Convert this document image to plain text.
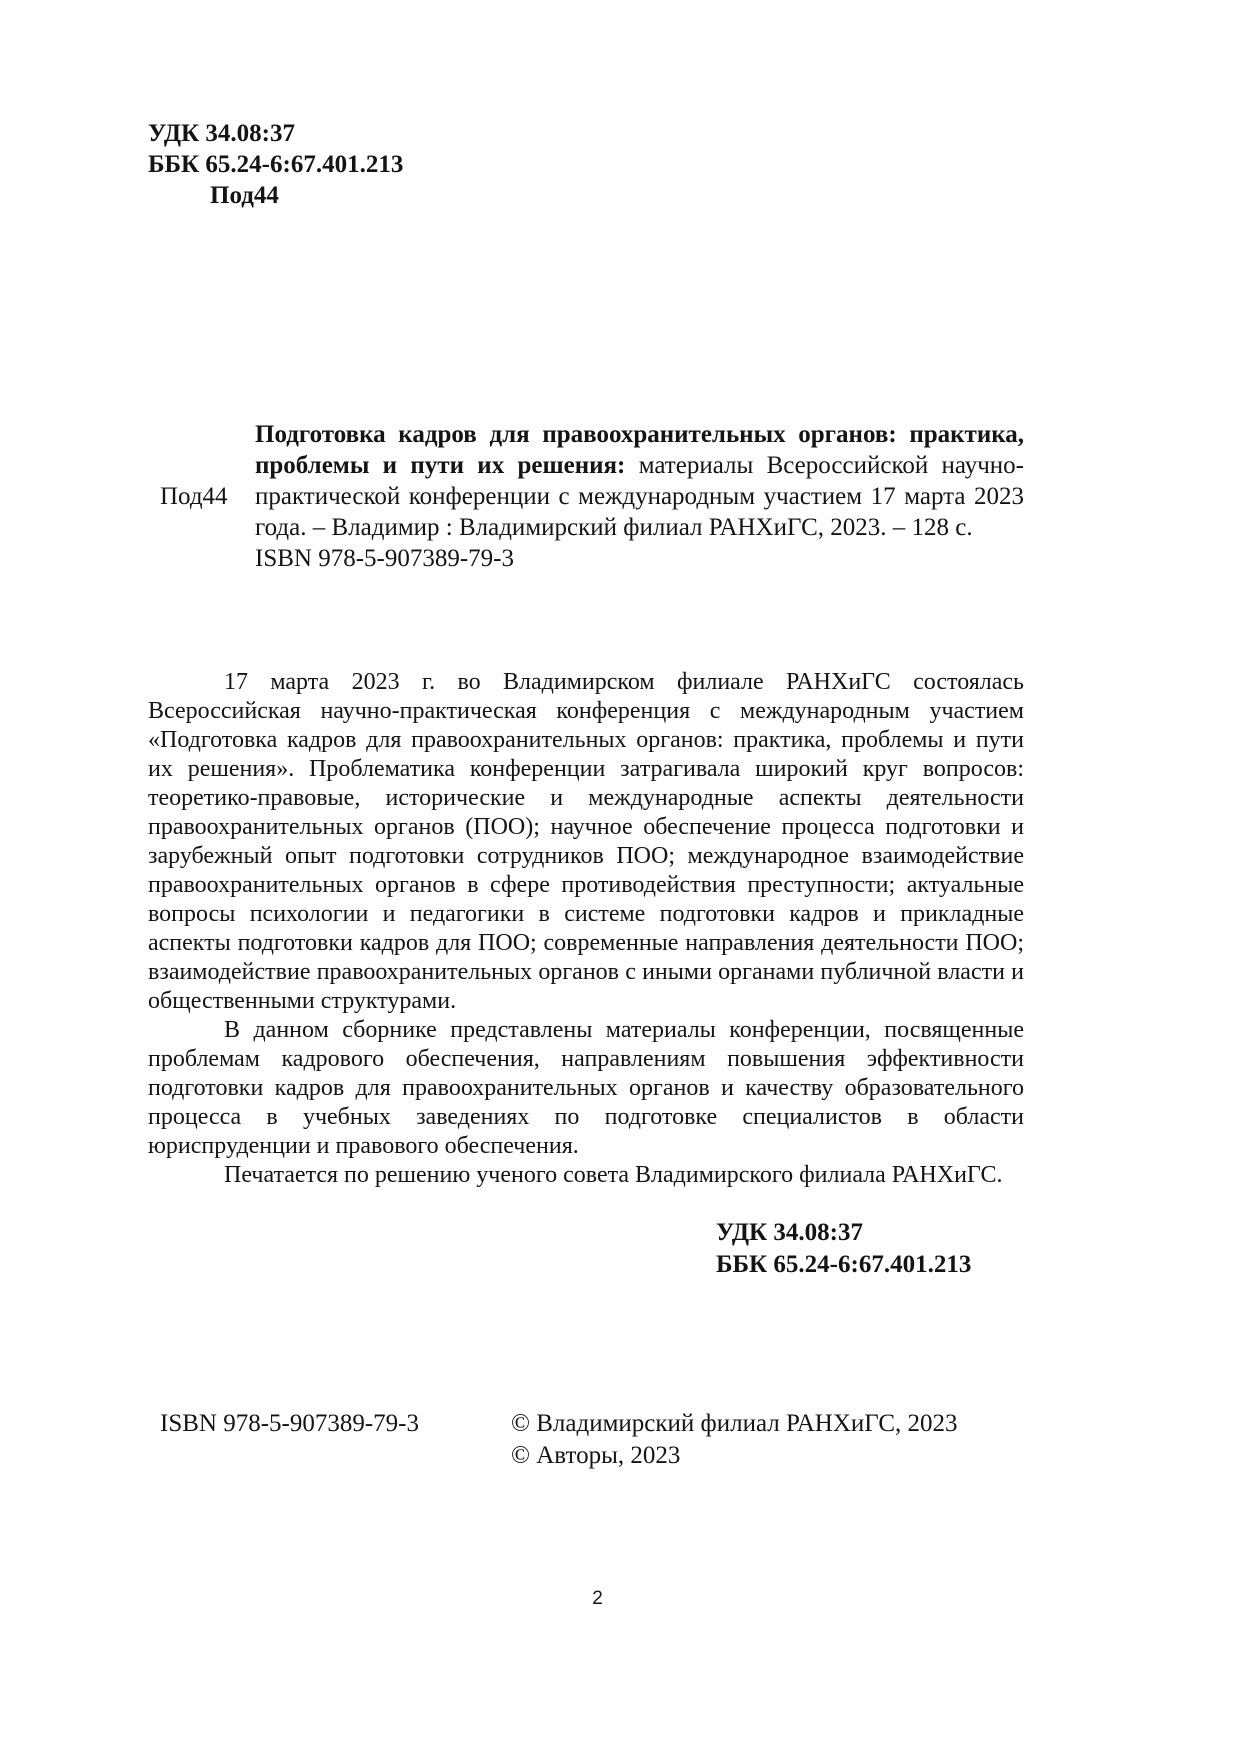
УДК 34.08:37
ББК 65.24-6:67.401.213
Под44
Под44
Подготовка кадров для правоохранительных органов: практика, проблемы и пути их решения: материалы Всероссийской научно-практической конференции с международным участием 17 марта 2023 года. – Владимир : Владимирский филиал РАНХиГС, 2023. – 128 с.
ISBN 978-5-907389-79-3

17 марта 2023 г. во Владимирском филиале РАНХиГС состоялась Всероссийская научно-практическая конференция с международным участием «Подготовка кадров для правоохранительных органов: практика, проблемы и пути их решения». Проблематика конференции затрагивала широкий круг вопросов: теоретико-правовые, исторические и международные аспекты деятельности правоохранительных органов (ПОО); научное обеспечение процесса подготовки и зарубежный опыт подготовки сотрудников ПОО; международное взаимодействие правоохранительных органов в сфере противодействия преступности; актуальные вопросы психологии и педагогики в системе подготовки кадров и прикладные аспекты подготовки кадров для ПОО; современные направления деятельности ПОО; взаимодействие правоохранительных органов с иными органами публичной власти и общественными структурами.

В данном сборнике представлены материалы конференции, посвященные проблемам кадрового обеспечения, направлениям повышения эффективности подготовки кадров для правоохранительных органов и качеству образовательного процесса в учебных заведениях по подготовке специалистов в области юриспруденции и правового обеспечения.

Печатается по решению ученого совета Владимирского филиала РАНХиГС.

УДК 34.08:37
ББК 65.24-6:67.401.213
ISBN 978-5-907389-79-3	© Владимирский филиал РАНХиГС, 2023
© Авторы, 2023
2
